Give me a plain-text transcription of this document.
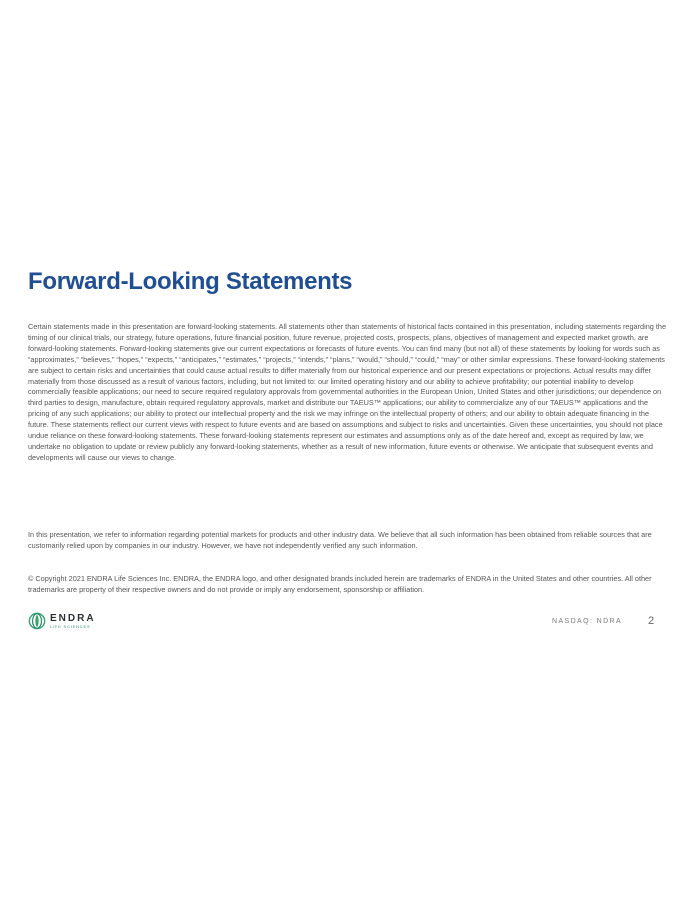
Forward-Looking Statements

Certain statements made in this presentation are forward-looking statements. All statements other than statements of historical facts contained in this presentation, including statements regarding the timing of our clinical trials, our strategy, future operations, future financial position, future revenue, projected costs, prospects, plans, objectives of management and expected market growth, are forward-looking statements. Forward-looking statements give our current expectations or forecasts of future events. You can find many (but not all) of these statements by looking for words such as “approximates,” “believes,” “hopes,” “expects,” “anticipates,” “estimates,” “projects,” “intends,” “plans,” “would,” “should,” “could,” “may” or other similar expressions. These forward-looking statements are subject to certain risks and uncertainties that could cause actual results to differ materially from our historical experience and our present expectations or projections. Actual results may differ materially from those discussed as a result of various factors, including, but not limited to: our limited operating history and our ability to achieve profitability; our potential inability to develop commercially feasible applications; our need to secure required regulatory approvals from governmental authorities in the European Union, United States and other jurisdictions; our dependence on third parties to design, manufacture, obtain required regulatory approvals, market and distribute our TAEUS™ applications; our ability to commercialize any of our TAEUS™ applications and the pricing of any such applications; our ability to protect our intellectual property and the risk we may infringe on the intellectual property of others; and our ability to obtain adequate financing in the future. These statements reflect our current views with respect to future events and are based on assumptions and subject to risks and uncertainties. Given these uncertainties, you should not place undue reliance on these forward-looking statements. These forward-looking statements represent our estimates and assumptions only as of the date hereof and, except as required by law, we undertake no obligation to update or review publicly any forward-looking statements, whether as a result of new information, future events or otherwise. We anticipate that subsequent events and developments will cause our views to change.

In this presentation, we refer to information regarding potential markets for products and other industry data. We believe that all such information has been obtained from reliable sources that are customarily relied upon by companies in our industry. However, we have not independently verified any such information.

© Copyright 2021 ENDRA Life Sciences Inc. ENDRA, the ENDRA logo, and other designated brands included herein are trademarks of ENDRA in the United States and other countries. All other trademarks are property of their respective owners and do not provide or imply any endorsement, sponsorship or affiliation.

ENDRA
LIFE SCIENCES
NASDAQ: NDRA 2
